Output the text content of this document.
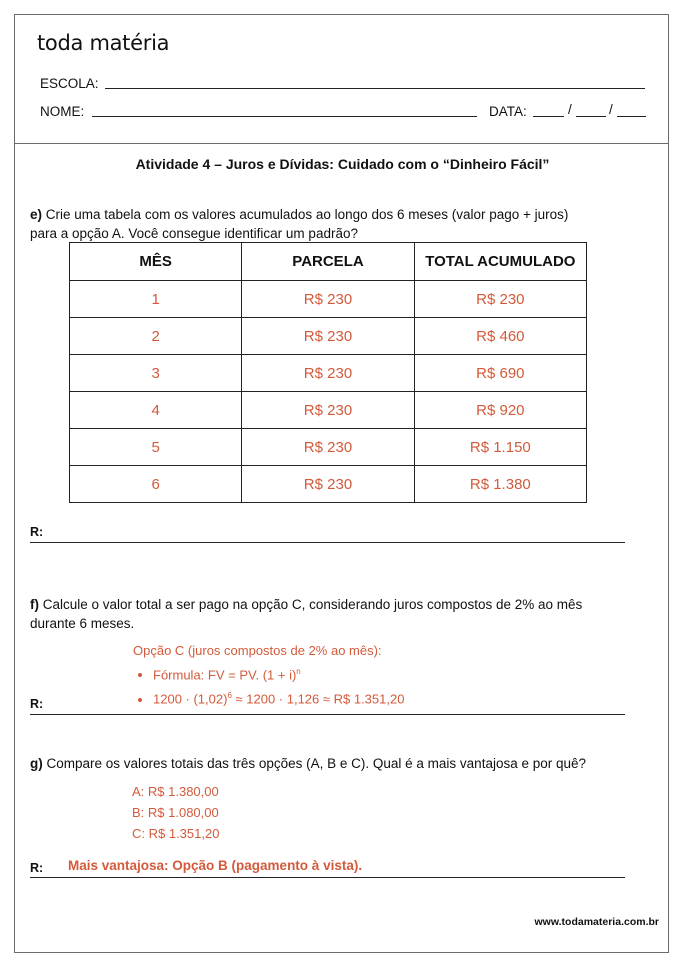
toda matéria
ESCOLA:
NOME:	DATA:	/	/
Atividade 4 – Juros e Dívidas: Cuidado com o “Dinheiro Fácil”
e) Crie uma tabela com os valores acumulados ao longo dos 6 meses (valor pago + juros)
para a opção A. Você consegue identificar um padrão?
MÊS	PARCELA	TOTAL ACUMULADO
1	R$ 230	R$ 230
2	R$ 230	R$ 460
3	R$ 230	R$ 690
4	R$ 230	R$ 920
5	R$ 230	R$ 1.150
6	R$ 230	R$ 1.380
R:
f) Calcule o valor total a ser pago na opção C, considerando juros compostos de 2% ao mês
durante 6 meses.
Opção C (juros compostos de 2% ao mês):
• Fórmula: FV = PV. $(1 + i)^n$
• $1200 \cdot (1,02)^6 \approx 1200 \cdot 1,126$ ≈ R$ 1.351,20
R:
g) Compare os valores totais das três opções (A, B e C). Qual é a mais vantajosa e por quê?
A: R$ 1.380,00
B: R$ 1.080,00
C: R$ 1.351,20
R: Mais vantajosa: Opção B (pagamento à vista).
www.todamateria.com.br
